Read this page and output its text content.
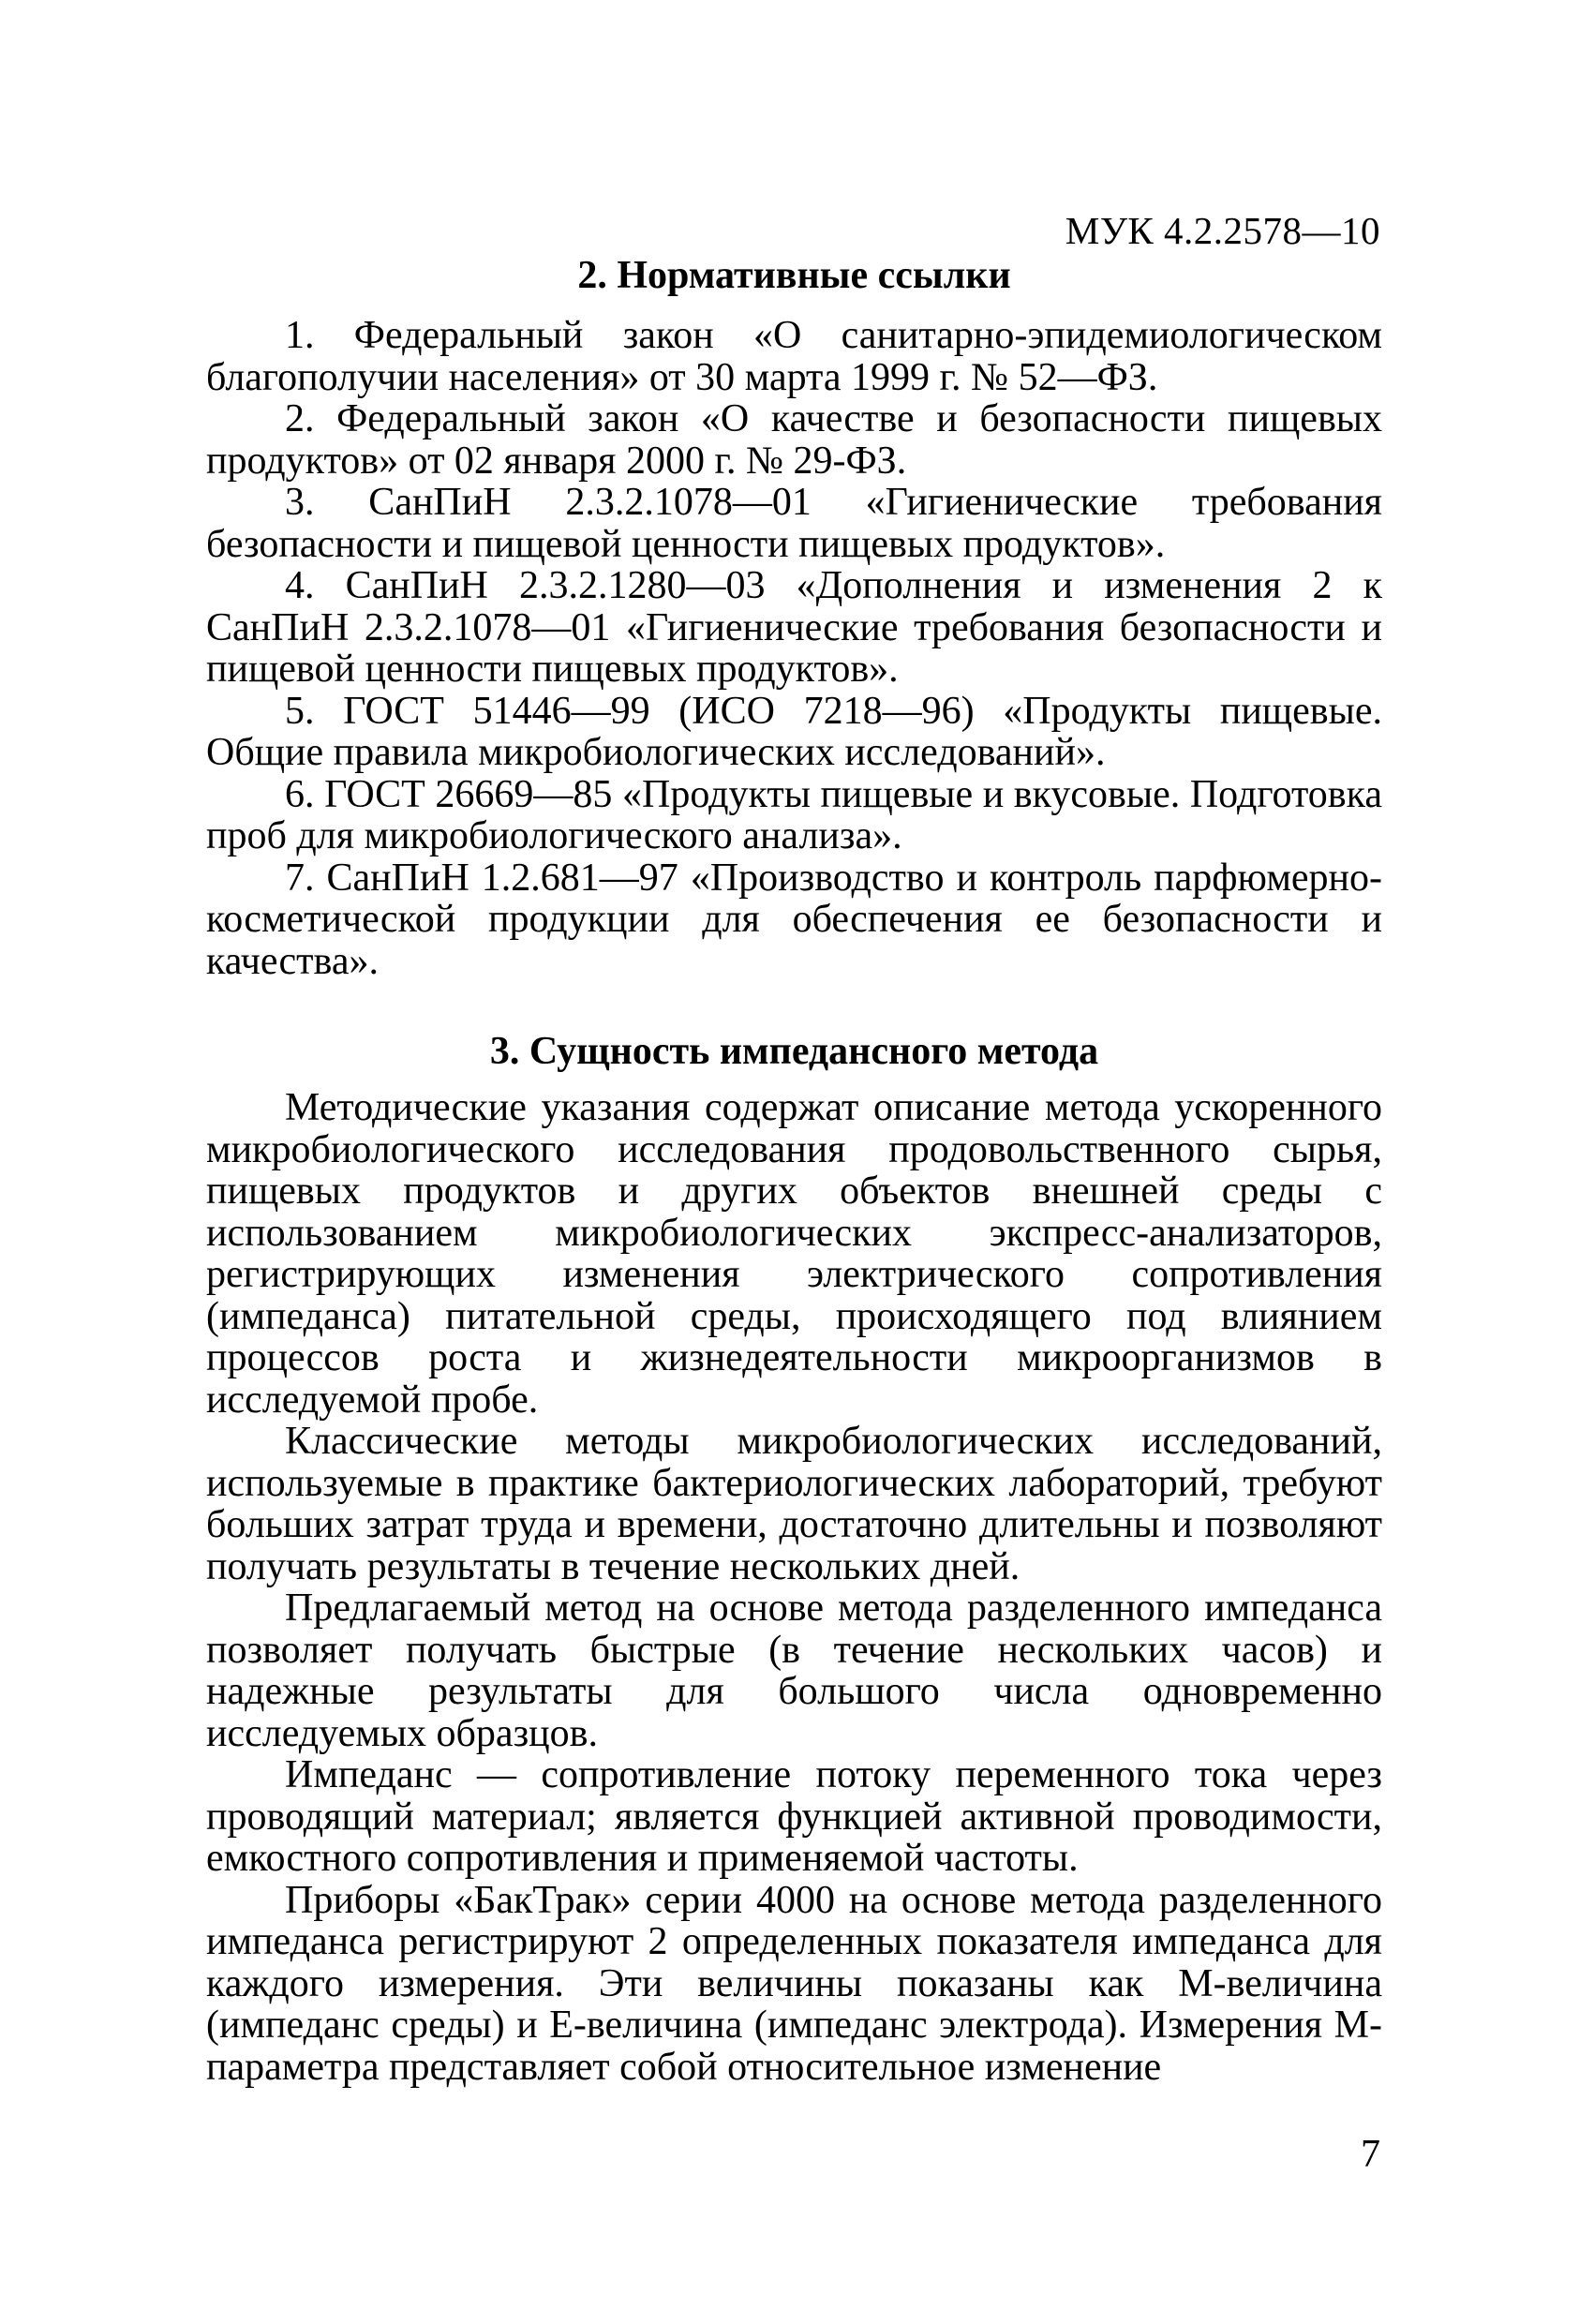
МУК 4.2.2578—10
2. Нормативные ссылки

1. Федеральный закон «О санитарно-эпидемиологическом благополучии населения» от 30 марта 1999 г. № 52—ФЗ.

2. Федеральный закон «О качестве и безопасности пищевых продуктов» от 02 января 2000 г. № 29-ФЗ.

3. СанПиН 2.3.2.1078—01 «Гигиенические требования безопасности и пищевой ценности пищевых продуктов».

4. СанПиН 2.3.2.1280—03 «Дополнения и изменения 2 к СанПиН 2.3.2.1078—01 «Гигиенические требования безопасности и пищевой ценности пищевых продуктов».

5. ГОСТ 51446—99 (ИСО 7218—96) «Продукты пищевые. Общие правила микробиологических исследований».

6. ГОСТ 26669—85 «Продукты пищевые и вкусовые. Подготовка проб для микробиологического анализа».

7. СанПиН 1.2.681—97 «Производство и контроль парфюмерно-косметической продукции для обеспечения ее безопасности и качества».

3. Сущность импедансного метода

Методические указания содержат описание метода ускоренного микробиологического исследования продовольственного сырья, пищевых продуктов и других объектов внешней среды с использованием микробиологических экспресс-анализаторов, регистрирующих изменения электрического сопротивления (импеданса) питательной среды, происходящего под влиянием процессов роста и жизнедеятельности микроорганизмов в исследуемой пробе.

Классические методы микробиологических исследований, используемые в практике бактериологических лабораторий, требуют больших затрат труда и времени, достаточно длительны и позволяют получать результаты в течение нескольких дней.

Предлагаемый метод на основе метода разделенного импеданса позволяет получать быстрые (в течение нескольких часов) и надежные результаты для большого числа одновременно исследуемых образцов.

Импеданс — сопротивление потоку переменного тока через проводящий материал; является функцией активной проводимости, емкостного сопротивления и применяемой частоты.

Приборы «БакТрак» серии 4000 на основе метода разделенного импеданса регистрируют 2 определенных показателя импеданса для каждого измерения. Эти величины показаны как М-величина (импеданс среды) и Е-величина (импеданс электрода). Измерения М-параметра представляет собой относительное изменение

7
